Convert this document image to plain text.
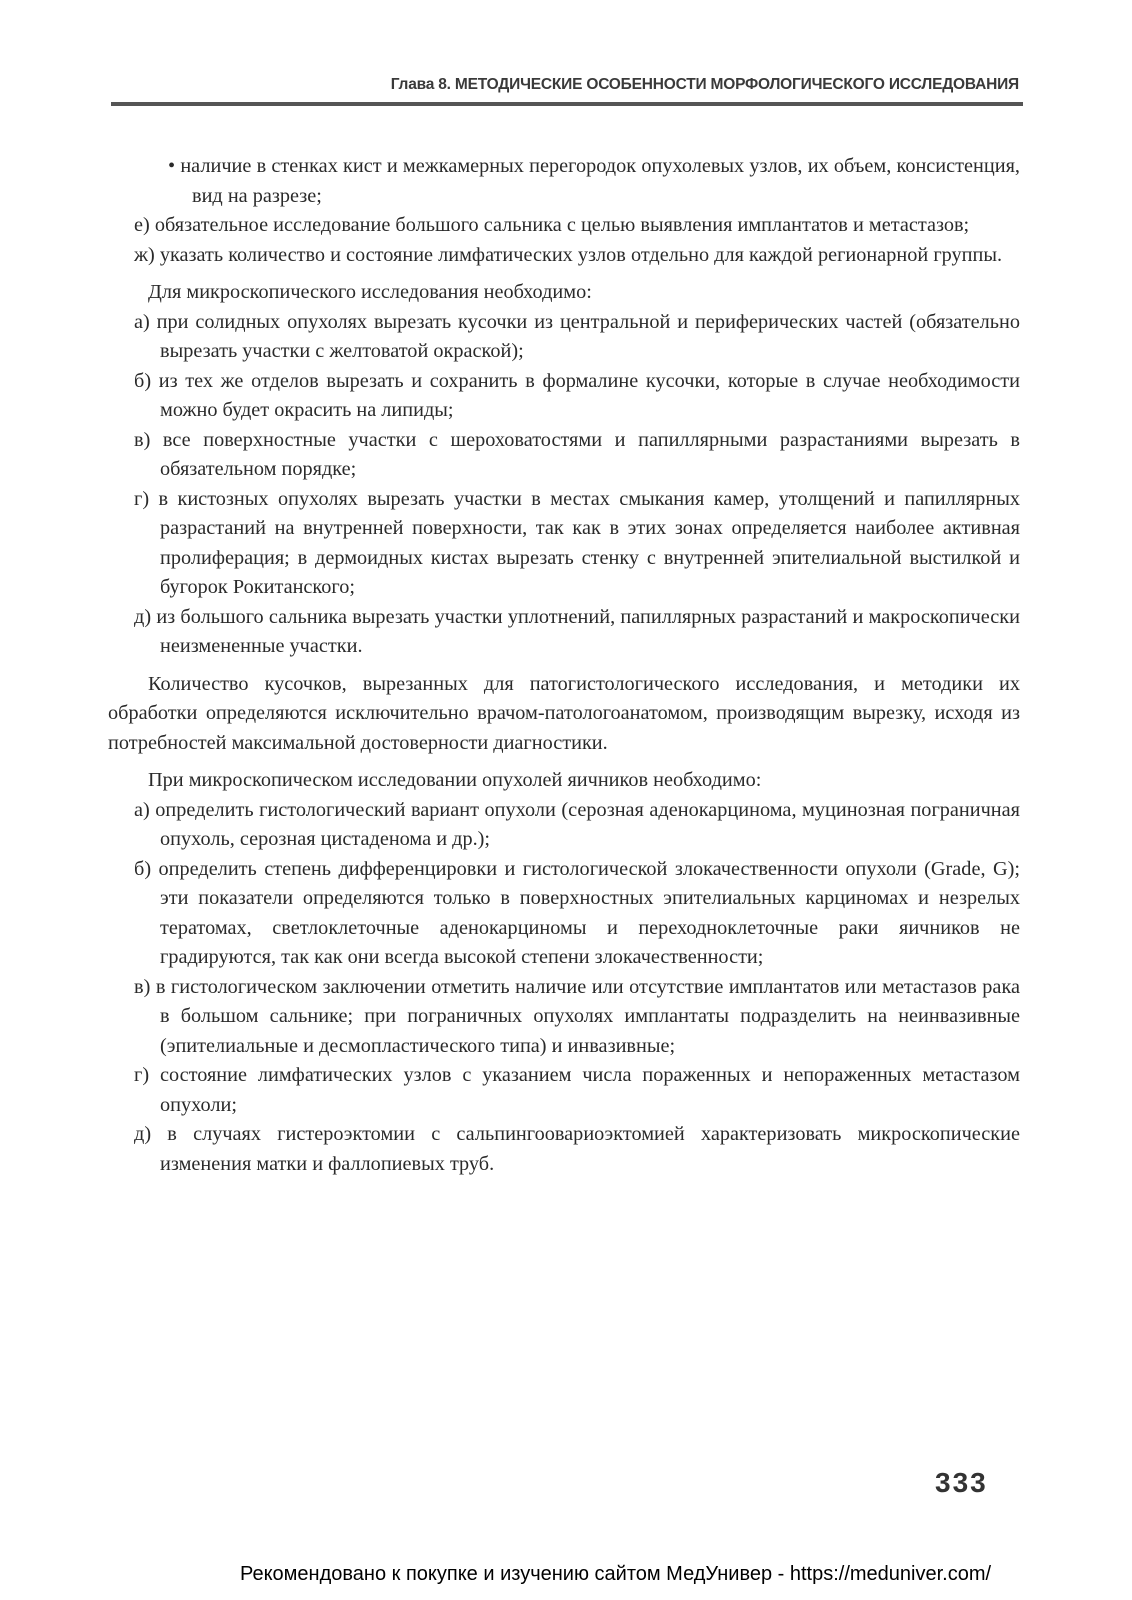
Глава 8. МЕТОДИЧЕСКИЕ ОСОБЕННОСТИ МОРФОЛОГИЧЕСКОГО ИССЛЕДОВАНИЯ
• наличие в стенках кист и межкамерных перегородок опухолевых узлов, их объем, консистенция, вид на разрезе;
е) обязательное исследование большого сальника с целью выявления имплантатов и метастазов;
ж) указать количество и состояние лимфатических узлов отдельно для каждой регионарной группы.
Для микроскопического исследования необходимо:
а) при солидных опухолях вырезать кусочки из центральной и периферических частей (обязательно вырезать участки с желтоватой окраской);
б) из тех же отделов вырезать и сохранить в формалине кусочки, которые в случае необходимости можно будет окрасить на липиды;
в) все поверхностные участки с шероховатостями и папиллярными разрастаниями вырезать в обязательном порядке;
г) в кистозных опухолях вырезать участки в местах смыкания камер, утолщений и папиллярных разрастаний на внутренней поверхности, так как в этих зонах определяется наиболее активная пролиферация; в дермоидных кистах вырезать стенку с внутренней эпителиальной выстилкой и бугорок Рокитанского;
д) из большого сальника вырезать участки уплотнений, папиллярных разрастаний и макроскопически неизмененные участки.
Количество кусочков, вырезанных для патогистологического исследования, и методики их обработки определяются исключительно врачом-патологоанатомом, производящим вырезку, исходя из потребностей максимальной достоверности диагностики.
При микроскопическом исследовании опухолей яичников необходимо:
а) определить гистологический вариант опухоли (серозная аденокарцинома, муцинозная пограничная опухоль, серозная цистаденома и др.);
б) определить степень дифференцировки и гистологической злокачественности опухоли (Grade, G); эти показатели определяются только в поверхностных эпителиальных карциномах и незрелых тератомах, светлоклеточные аденокарциномы и переходноклеточные раки яичников не градируются, так как они всегда высокой степени злокачественности;
в) в гистологическом заключении отметить наличие или отсутствие имплантатов или метастазов рака в большом сальнике; при пограничных опухолях имплантаты подразделить на неинвазивные (эпителиальные и десмопластического типа) и инвазивные;
г) состояние лимфатических узлов с указанием числа пораженных и непораженных метастазом опухоли;
д) в случаях гистероэктомии с сальпингоовариоэктомией характеризовать микроскопические изменения матки и фаллопиевых труб.
333
Рекомендовано к покупке и изучению сайтом МедУнивер - https://meduniver.com/
